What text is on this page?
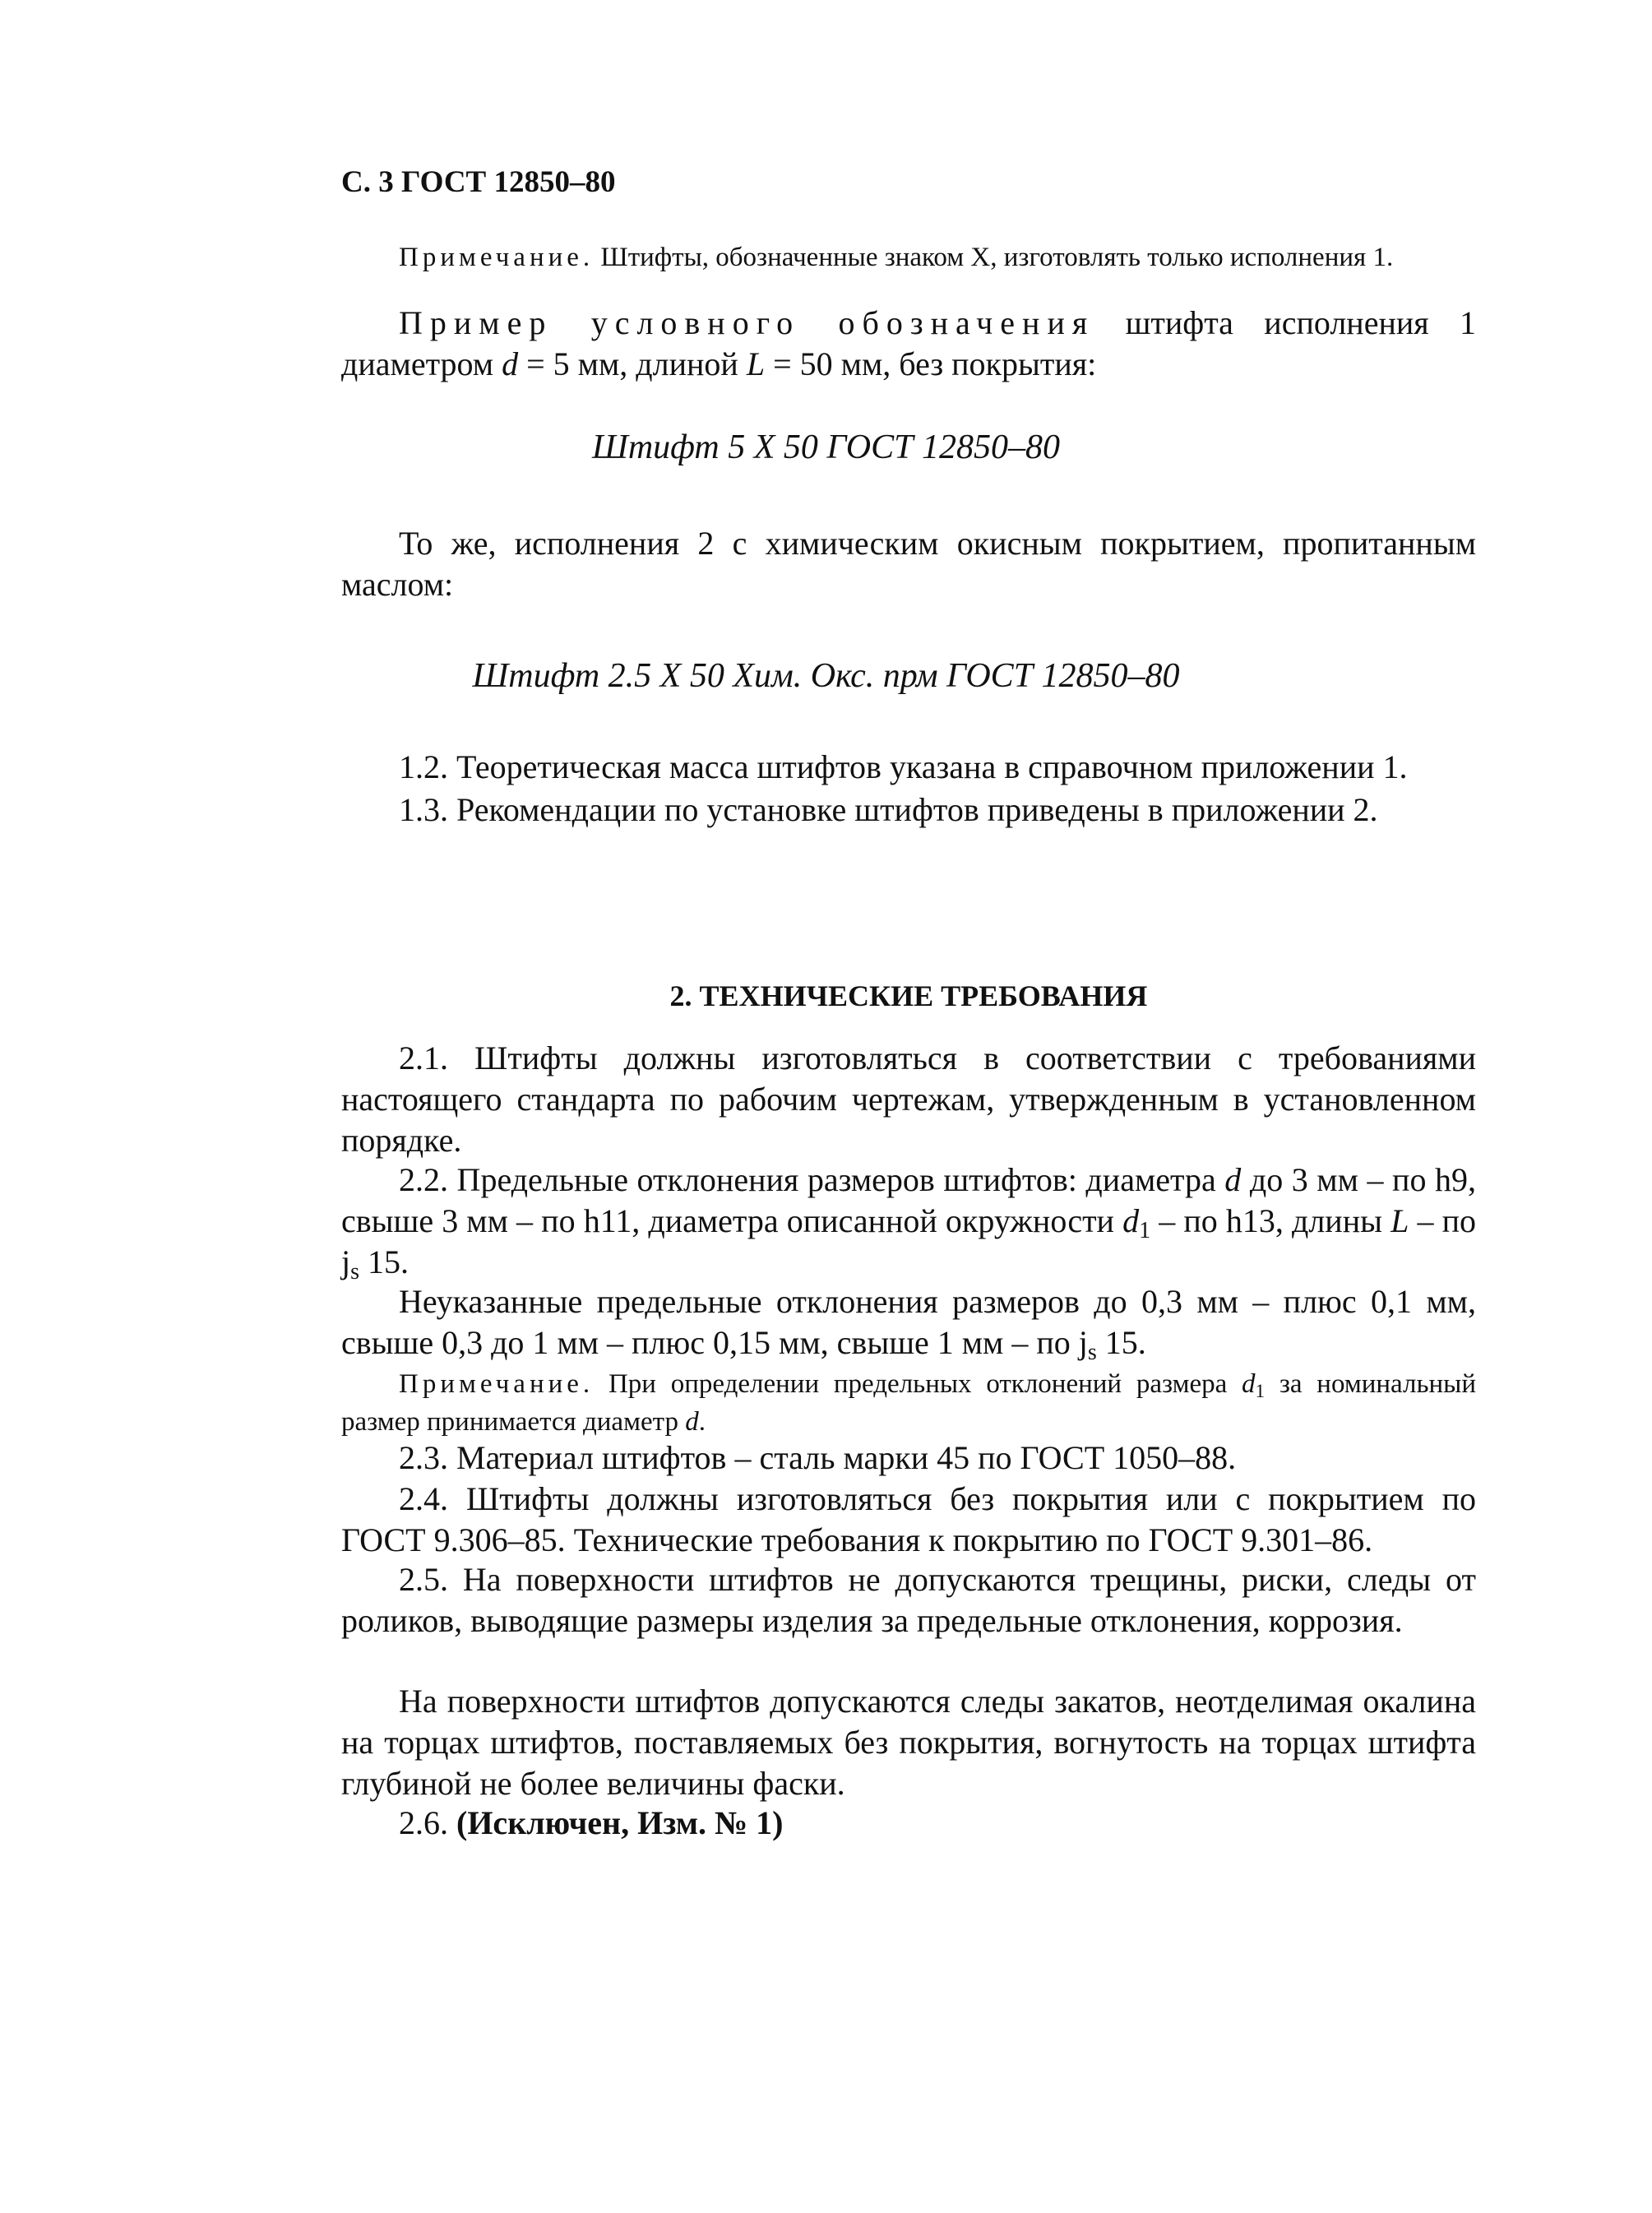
С. 3 ГОСТ 12850–80

Примечание. Штифты, обозначенные знаком X, изготовлять только исполнения 1.

Пример условного обозначения штифта исполнения 1 диаметром d = 5 мм, длиной L = 50 мм, без покрытия:

Штифт 5 X 50 ГОСТ 12850–80

То же, исполнения 2 с химическим окисным покрытием, пропитанным маслом:

Штифт 2.5 X 50 Хим. Окс. прм ГОСТ 12850–80

1.2. Теоретическая масса штифтов указана в справочном приложении 1.

1.3. Рекомендации по установке штифтов приведены в приложении 2.

2. ТЕХНИЧЕСКИЕ ТРЕБОВАНИЯ

2.1. Штифты должны изготовляться в соответствии с требованиями настоящего стандарта по рабочим чертежам, утвержденным в установленном порядке.

2.2. Предельные отклонения размеров штифтов: диаметра d до 3 мм – по h9, свыше 3 мм – по h11, диаметра описанной окружности $d_1$ – по h13, длины L – по $j_s$ 15.

Неуказанные предельные отклонения размеров до 0,3 мм – плюс 0,1 мм, свыше 0,3 до 1 мм – плюс 0,15 мм, свыше 1 мм – по $j_s$ 15.

Примечание. При определении предельных отклонений размера $d_1$ за номинальный размер принимается диаметр d.

2.3. Материал штифтов – сталь марки 45 по ГОСТ 1050–88.

2.4. Штифты должны изготовляться без покрытия или с покрытием по ГОСТ 9.306–85. Технические требования к покрытию по ГОСТ 9.301–86.

2.5. На поверхности штифтов не допускаются трещины, риски, следы от роликов, выводящие размеры изделия за предельные отклонения, коррозия.

На поверхности штифтов допускаются следы закатов, неотделимая окалина на торцах штифтов, поставляемых без покрытия, вогнутость на торцах штифта глубиной не более величины фаски.

2.6. (Исключен, Изм. № 1)
